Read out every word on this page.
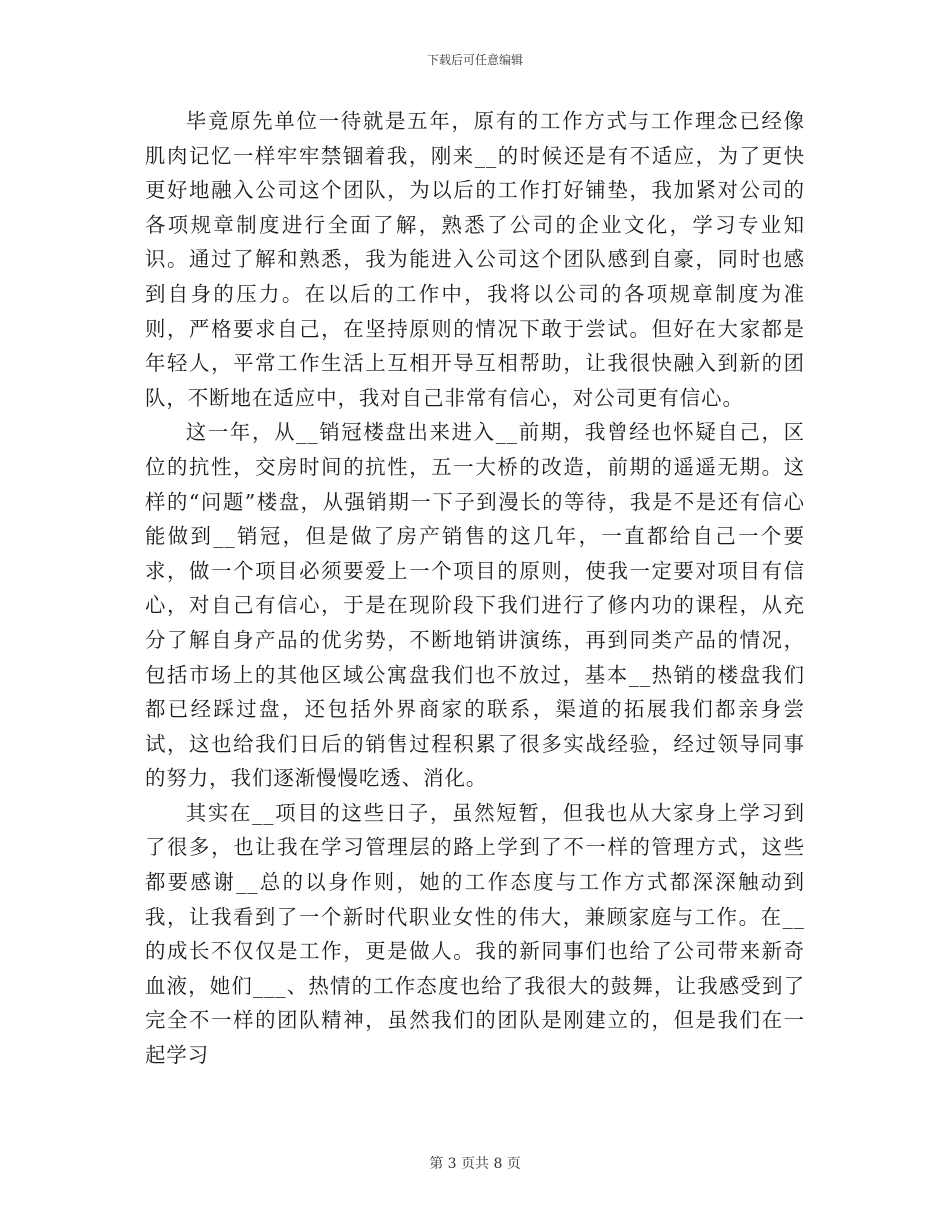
下载后可任意编辑

毕竟原先单位一待就是五年，原有的工作方式与工作理念已经像肌肉记忆一样牢牢禁锢着我，刚来__的时候还是有不适应，为了更快更好地融入公司这个团队，为以后的工作打好铺垫，我加紧对公司的各项规章制度进行全面了解，熟悉了公司的企业文化，学习专业知识。通过了解和熟悉，我为能进入公司这个团队感到自豪，同时也感到自身的压力。在以后的工作中，我将以公司的各项规章制度为准则，严格要求自己，在坚持原则的情况下敢于尝试。但好在大家都是年轻人，平常工作生活上互相开导互相帮助，让我很快融入到新的团队，不断地在适应中，我对自己非常有信心，对公司更有信心。

这一年，从__销冠楼盘出来进入__前期，我曾经也怀疑自己，区位的抗性，交房时间的抗性，五一大桥的改造，前期的遥遥无期。这样的“问题”楼盘，从强销期一下子到漫长的等待，我是不是还有信心能做到__销冠，但是做了房产销售的这几年，一直都给自己一个要求，做一个项目必须要爱上一个项目的原则，使我一定要对项目有信心，对自己有信心，于是在现阶段下我们进行了修内功的课程，从充分了解自身产品的优劣势，不断地销讲演练，再到同类产品的情况，包括市场上的其他区域公寓盘我们也不放过，基本__热销的楼盘我们都已经踩过盘，还包括外界商家的联系，渠道的拓展我们都亲身尝试，这也给我们日后的销售过程积累了很多实战经验，经过领导同事的努力，我们逐渐慢慢吃透、消化。

其实在__项目的这些日子，虽然短暂，但我也从大家身上学习到了很多，也让我在学习管理层的路上学到了不一样的管理方式，这些都要感谢__总的以身作则，她的工作态度与工作方式都深深触动到我，让我看到了一个新时代职业女性的伟大，兼顾家庭与工作。在__的成长不仅仅是工作，更是做人。我的新同事们也给了公司带来新奇血液，她们___、热情的工作态度也给了我很大的鼓舞，让我感受到了完全不一样的团队精神，虽然我们的团队是刚建立的，但是我们在一起学习

第 3 页共 8 页
